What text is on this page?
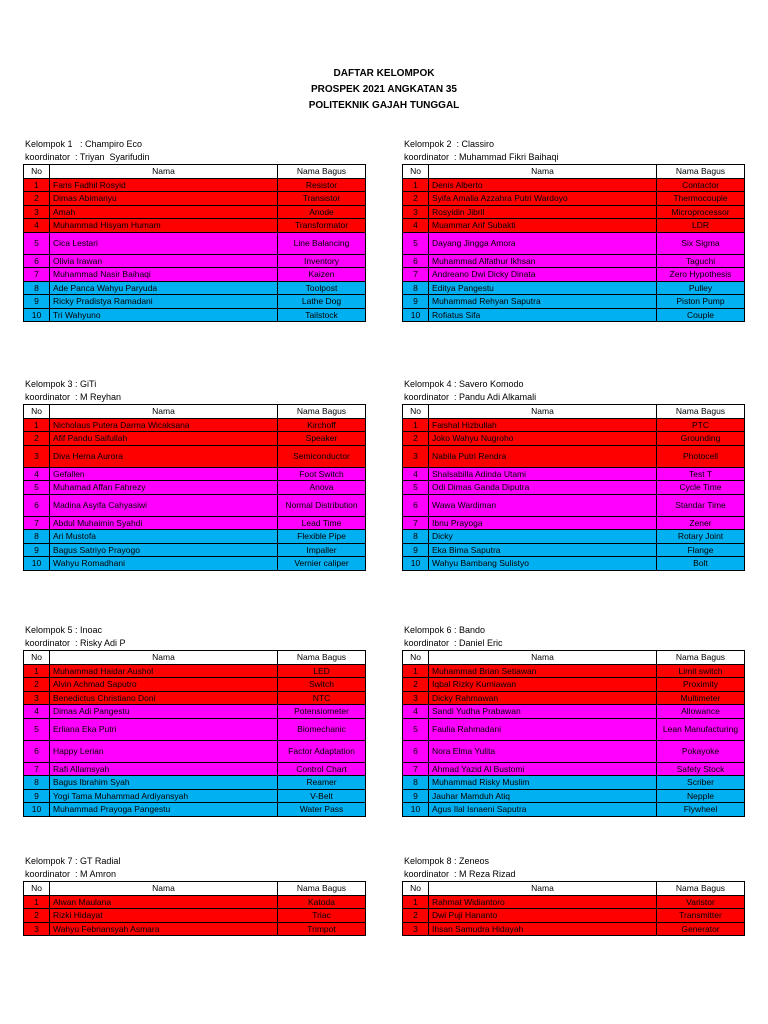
DAFTAR KELOMPOK
PROSPEK 2021 ANGKATAN 35
POLITEKNIK GAJAH TUNGGAL
Kelompok 1   : Champiro Eco
koordinator  : Triyan  Syarifudin
No	Nama	Nama Bagus
1	Faris Fadhil Rosyid	Resistor
2	Dimas Abimanyu	Transistor
3	Amah	Anode
4	Muhammad Hisyam Humam	Transformator
5	Cica Lestari	Line Balancing
6	Olivia Irawan	Inventory
7	Muhammad Nasir Baihaqi	Kaizen
8	Ade Panca Wahyu Paryuda	Toolpost
9	Ricky Pradistya Ramadani	Lathe Dog
10	Tri Wahyuno	Tailstock
Kelompok 2  : Classiro
koordinator  : Muhammad Fikri Baihaqi
No	Nama	Nama Bagus
1	Denis Alberto	Contactor
2	Syifa Amalia Azzahra Putri Wardoyo	Thermocouple
3	Rosyidin Jibril	Microprocessor
4	Muammar Arif Subakti	LDR
5	Dayang Jingga Amora	Six Sigma
6	Muhammad Alfathur Ikhsan	Taguchi
7	Andreano Dwi Dicky Dinata	Zero Hypothesis
8	Editya Pangestu	Pulley
9	Muhammad Rehyan Saputra	Piston Pump
10	Rofiatus Sifa	Couple
Kelompok 3 : GiTi
koordinator  : M Reyhan
No	Nama	Nama Bagus
1	Nicholaus Putera Darma Wicaksana	Kirchoff
2	Afif Pandu Saifullah	Speaker
3	Diva Herna Aurora	Semiconductor
4	Gefallen	Foot Switch
5	Muhamad Affan Fahrezy	Anova
6	Madina Asyifa Cahyasiwi	Normal Distribution
7	Abdul Muhaimin Syahdi	Lead Time
8	Ari Mustofa	Flexible Pipe
9	Bagus Satriyo Prayogo	Impaller
10	Wahyu Romadhani	Vernier caliper
Kelompok 4 : Savero Komodo
koordinator  : Pandu Adi Alkamali
No	Nama	Nama Bagus
1	Faishal Hizbullah	PTC
2	Joko Wahyu Nugroho	Grounding
3	Nabila Putri Rendra	Photocell
4	Shalsabilla Adinda Utami	Test T
5	Odi Dimas Ganda Diputra	Cycle Time
6	Wawa Wardiman	Standar Time
7	Ibnu Prayoga	Zener
8	Dicky	Rotary Joint
9	Eka Bima Saputra	Flange
10	Wahyu Bambang Sulistyo	Bolt
Kelompok 5 : Inoac
koordinator  : Risky Adi P
No	Nama	Nama Bagus
1	Muhammad Haidar Aushol	LED
2	Alvin Achmad Saputro	Switch
3	Benedictus Christiano Doni	NTC
4	Dimas Adi Pangestu	Potensiometer
5	Erliana Eka Putri	Biomechanic
6	Happy Lerian	Factor Adaptation
7	Rafi Allamsyah	Control Chart
8	Bagus Ibrahim Syah	Reamer
9	Yogi Tama Muhammad Ardiyansyah	V-Belt
10	Muhammad Prayoga Pangestu	Water Pass
Kelompok 6 : Bando
koordinator  : Daniel Eric
No	Nama	Nama Bagus
1	Muhammad Brian Setiawan	Limit switch
2	Iqbal Rizky Kurniawan	Proximity
3	Dicky Rahmawan	Multimeter
4	Sandi Yudha Prabawan	Allowance
5	Faulia Rahmadani	Lean Manufacturing
6	Nora Elma Yulita	Pokayoke
7	Ahmad Yazid Al Bustomi	Safety Stock
8	Muhammad Risky Muslim	Scriber
9	Jauhar Mamduh Atiq	Nepple
10	Agus Ilal Isnaeni Saputra	Flywheel
Kelompok 7 : GT Radial
koordinator  : M Amron
No	Nama	Nama Bagus
1	Alwan Maulana	Katoda
2	Rizki Hidayat	Triac
3	Wahyu Febriansyah Asmara	Trimpot
Kelompok 8 : Zeneos
koordinator  : M Reza Rizad
No	Nama	Nama Bagus
1	Rahmat Widiantoro	Varistor
2	Dwi Puji Hananto	Transmitter
3	Ihsan Samudra Hidayah	Generator
